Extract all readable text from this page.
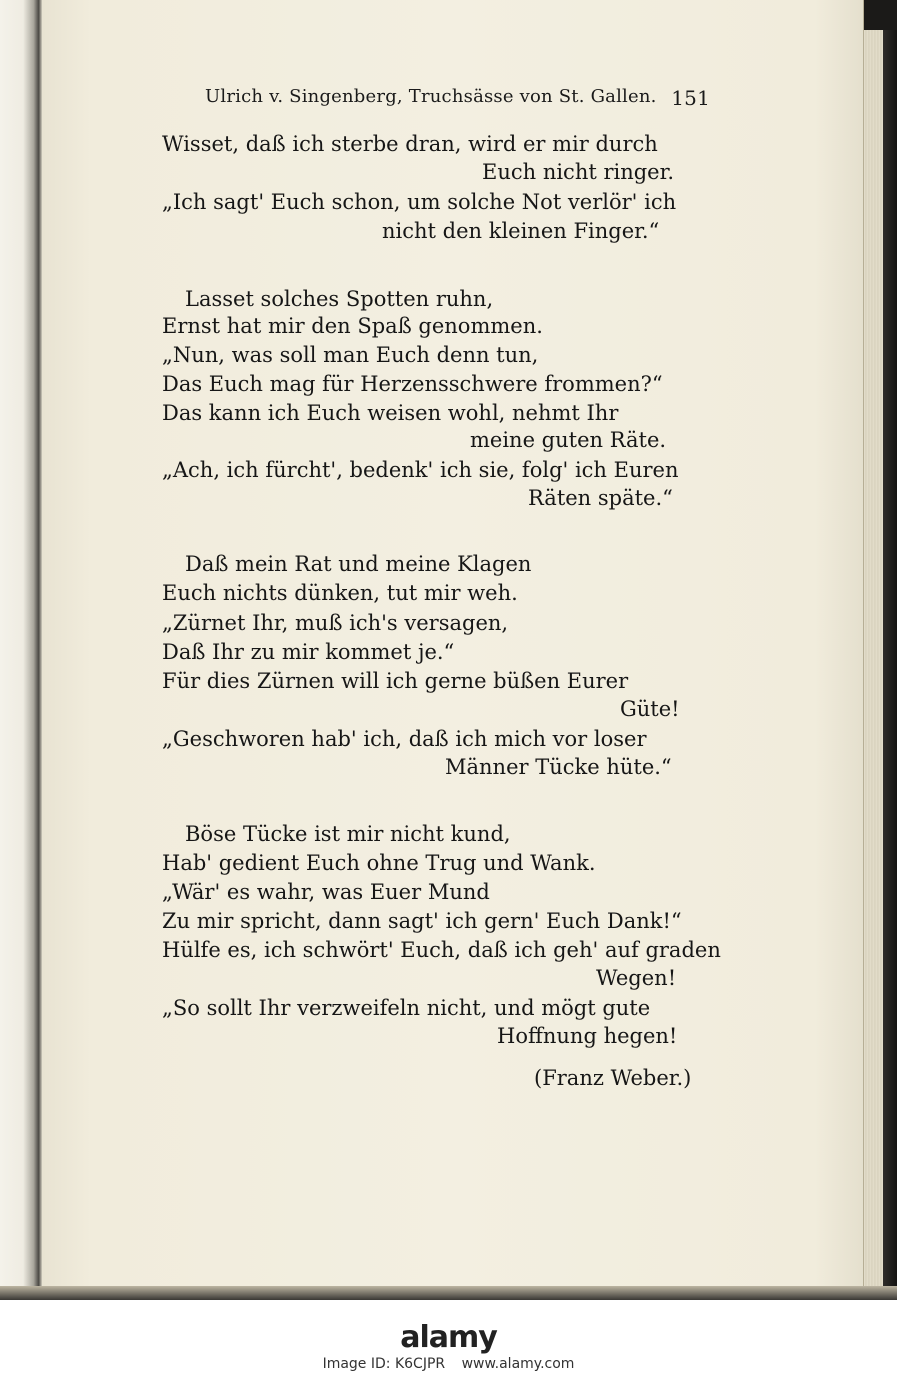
Ulrich v. Singenberg, Truchsässe von St. Gallen. 151
Wisset, daß ich sterbe dran, wird er mir durch
Euch nicht ringer.
„Ich sagt' Euch schon, um solche Not verlör' ich
nicht den kleinen Finger.“
Lasset solches Spotten ruhn,
Ernst hat mir den Spaß genommen.
„Nun, was soll man Euch denn tun,
Das Euch mag für Herzensschwere frommen?“
Das kann ich Euch weisen wohl, nehmt Ihr
meine guten Räte.
„Ach, ich fürcht', bedenk' ich sie, folg' ich Euren
Räten späte.“
Daß mein Rat und meine Klagen
Euch nichts dünken, tut mir weh.
„Zürnet Ihr, muß ich's versagen,
Daß Ihr zu mir kommet je.“
Für dies Zürnen will ich gerne büßen Eurer
Güte!
„Geschworen hab' ich, daß ich mich vor loser
Männer Tücke hüte.“
Böse Tücke ist mir nicht kund,
Hab' gedient Euch ohne Trug und Wank.
„Wär' es wahr, was Euer Mund
Zu mir spricht, dann sagt' ich gern' Euch Dank!“
Hülfe es, ich schwört' Euch, daß ich geh' auf graden
Wegen!
„So sollt Ihr verzweifeln nicht, und mögt gute
Hoffnung hegen!
(Franz Weber.)
alamy
Image ID: K6CJPR www.alamy.com
